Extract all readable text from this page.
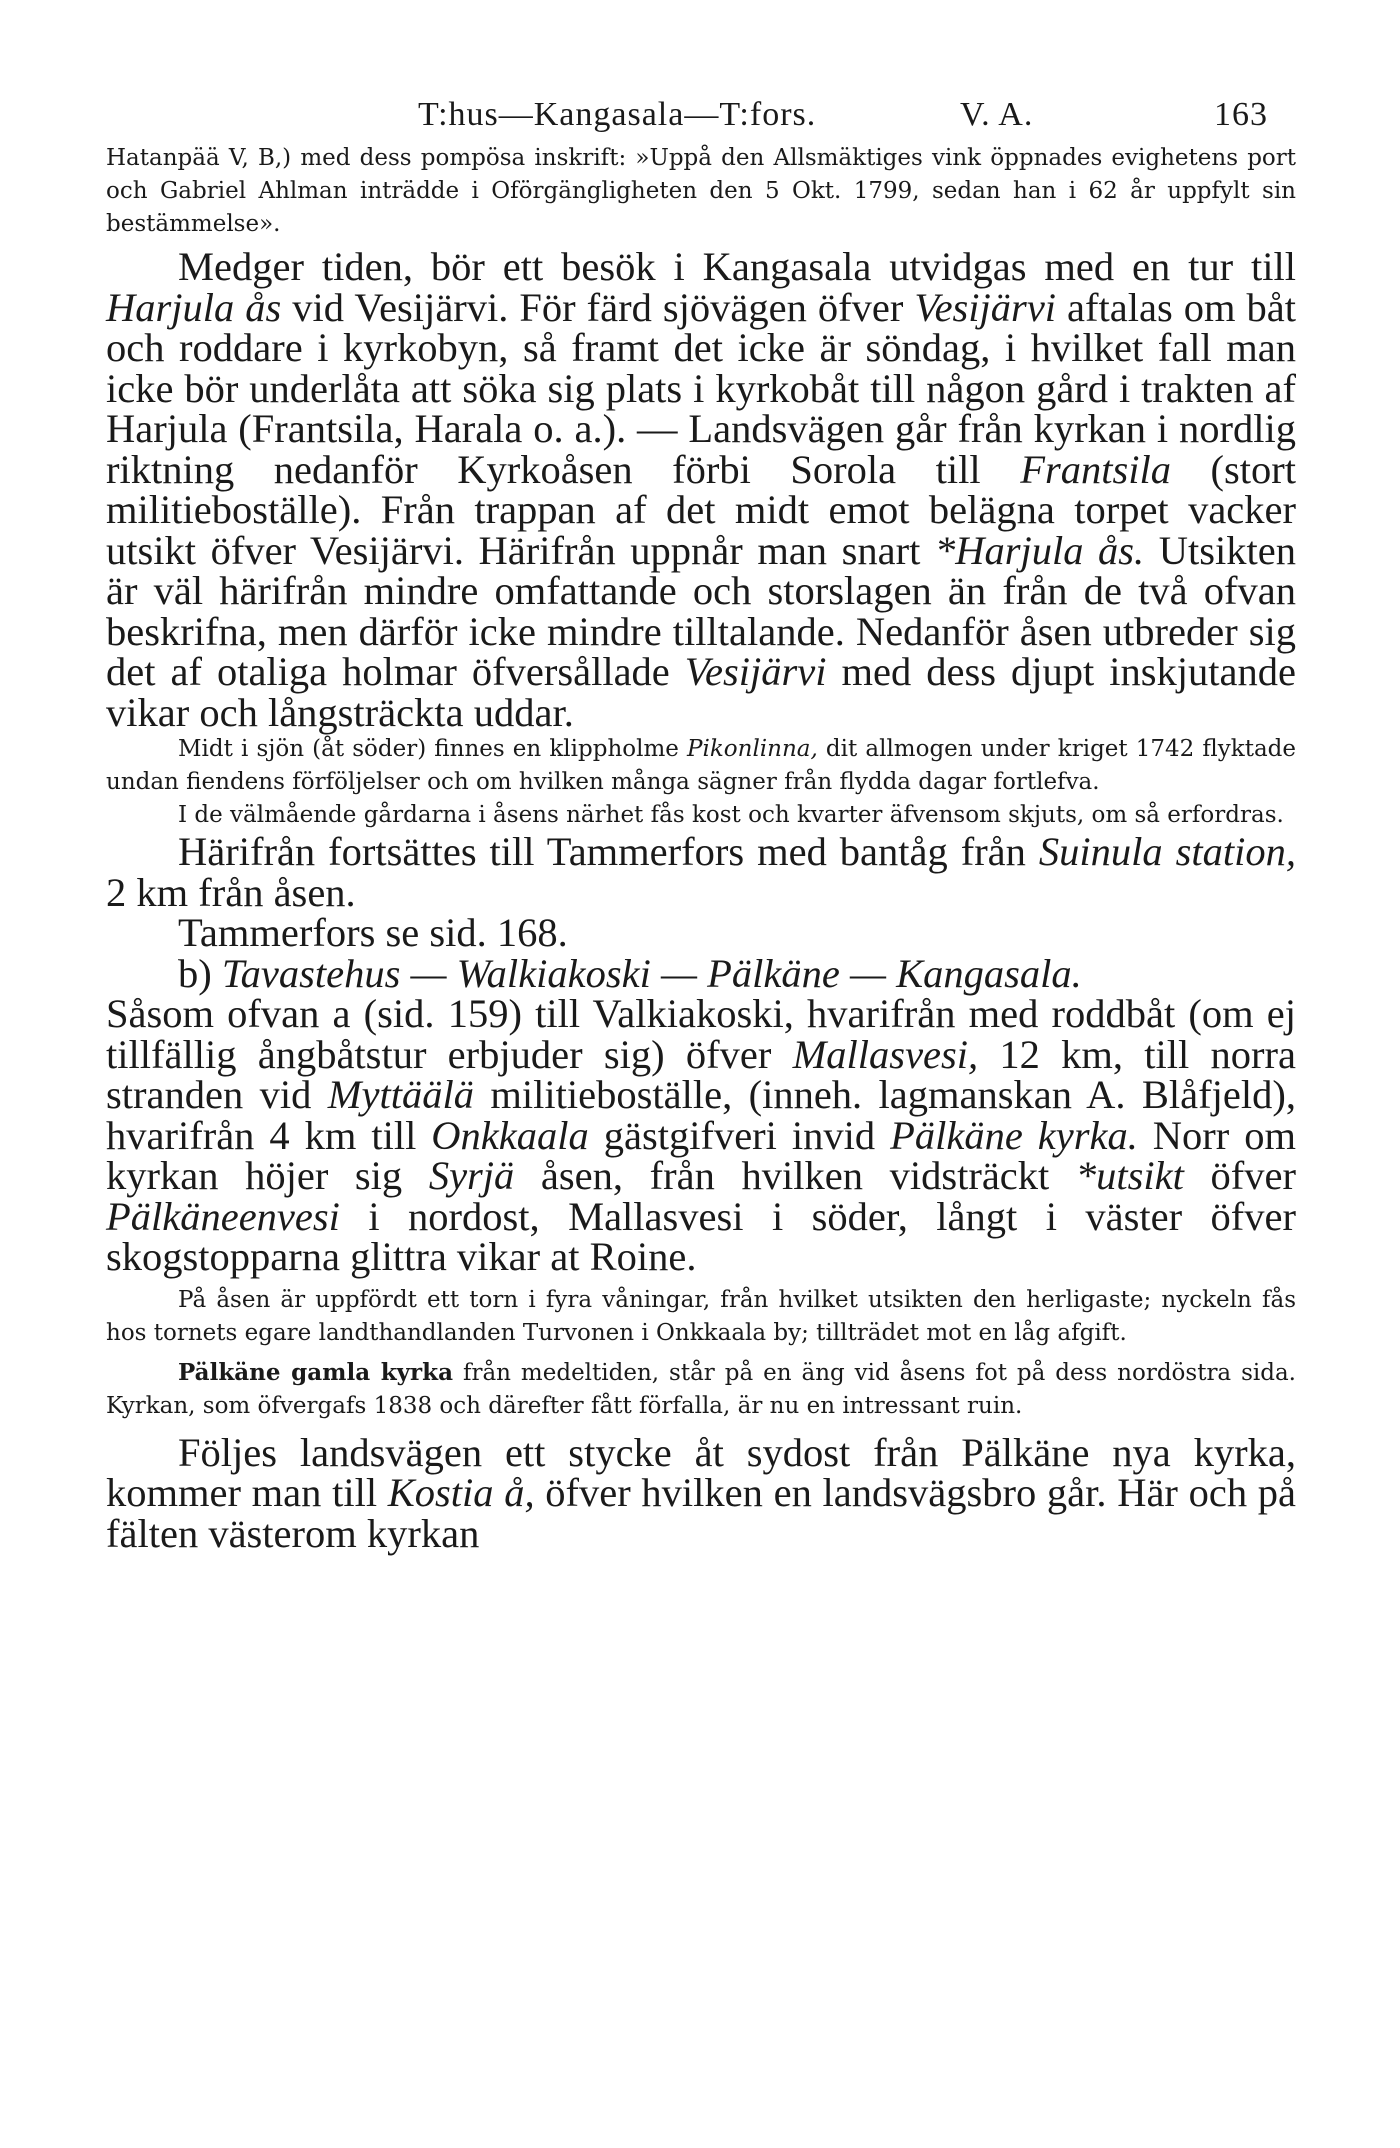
T:hus—Kangasala—T:fors.	V. A.	163

Hatanpää V, B,) med dess pompösa inskrift: »Uppå den Allsmäktiges vink öppnades evighetens port och Gabriel Ahlman inträdde i Oförgängligheten den 5 Okt. 1799, sedan han i 62 år uppfylt sin bestämmelse».

Medger tiden, bör ett besök i Kangasala utvidgas med en tur till Harjula ås vid Vesijärvi. För färd sjövägen öfver Vesijärvi aftalas om båt och roddare i kyrkobyn, så framt det icke är söndag, i hvilket fall man icke bör underlåta att söka sig plats i kyrkobåt till någon gård i trakten af Harjula (Frantsila, Harala o. a.). — Landsvägen går från kyrkan i nordlig riktning nedanför Kyrkoåsen förbi Sorola till Frantsila (stort militieboställe). Från trappan af det midt emot belägna torpet vacker utsikt öfver Vesijärvi. Härifrån uppnår man snart *Harjula ås. Utsikten är väl härifrån mindre omfattande och storslagen än från de två ofvan beskrifna, men därför icke mindre tilltalande. Nedanför åsen utbreder sig det af otaliga holmar öfversållade Vesijärvi med dess djupt inskjutande vikar och långsträckta uddar.

Midt i sjön (åt söder) finnes en klippholme Pikonlinna, dit allmogen under kriget 1742 flyktade undan fiendens förföljelser och om hvilken många sägner från flydda dagar fortlefva.

I de välmående gårdarna i åsens närhet fås kost och kvarter äfvensom skjuts, om så erfordras.

Härifrån fortsättes till Tammerfors med bantåg från Suinula station, 2 km från åsen.

Tammerfors se sid. 168.

b) Tavastehus — Walkiakoski — Pälkäne — Kangasala.

Såsom ofvan a (sid. 159) till Valkiakoski, hvarifrån med roddbåt (om ej tillfällig ångbåtstur erbjuder sig) öfver Mallasvesi, 12 km, till norra stranden vid Myttäälä militieboställe, (inneh. lagmanskan A. Blåfjeld), hvarifrån 4 km till Onkkaala gästgifveri invid Pälkäne kyrka. Norr om kyrkan höjer sig Syrjä åsen, från hvilken vidsträckt *utsikt öfver Pälkäneenvesi i nordost, Mallasvesi i söder, långt i väster öfver skogstopparna glittra vikar at Roine.

På åsen är uppfördt ett torn i fyra våningar, från hvilket utsikten den herligaste; nyckeln fås hos tornets egare landthandlanden Turvonen i Onkkaala by; tillträdet mot en låg afgift.

Pälkäne gamla kyrka från medeltiden, står på en äng vid åsens fot på dess nordöstra sida. Kyrkan, som öfvergafs 1838 och därefter fått förfalla, är nu en intressant ruin.

Följes landsvägen ett stycke åt sydost från Pälkäne nya kyrka, kommer man till Kostia å, öfver hvilken en landsvägsbro går. Här och på fälten västerom kyrkan
